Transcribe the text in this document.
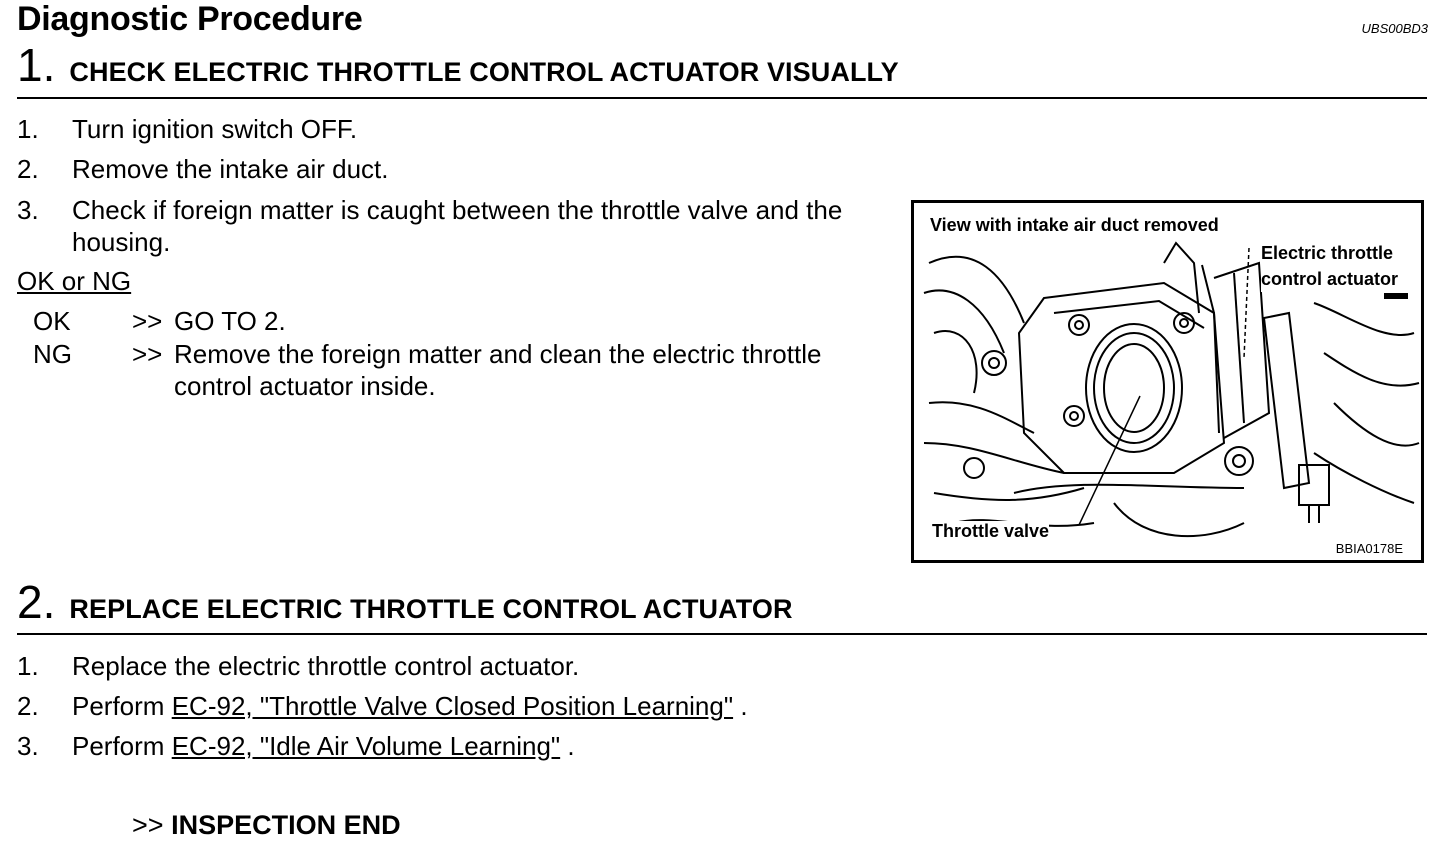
Diagnostic Procedure	UBS00BD3
1. CHECK ELECTRIC THROTTLE CONTROL ACTUATOR VISUALLY
1.	Turn ignition switch OFF.
2.	Remove the intake air duct.
3.	Check if foreign matter is caught between the throttle valve and the housing.
OK or NG
OK	>> GO TO 2.
NG	>> Remove the foreign matter and clean the electric throttle control actuator inside.
View with intake air duct removed
Electric throttle control actuator
Throttle valve
BBIA0178E
2. REPLACE ELECTRIC THROTTLE CONTROL ACTUATOR
1.	Replace the electric throttle control actuator.
2.	Perform EC-92, "Throttle Valve Closed Position Learning" .
3.	Perform EC-92, "Idle Air Volume Learning" .
>> INSPECTION END
